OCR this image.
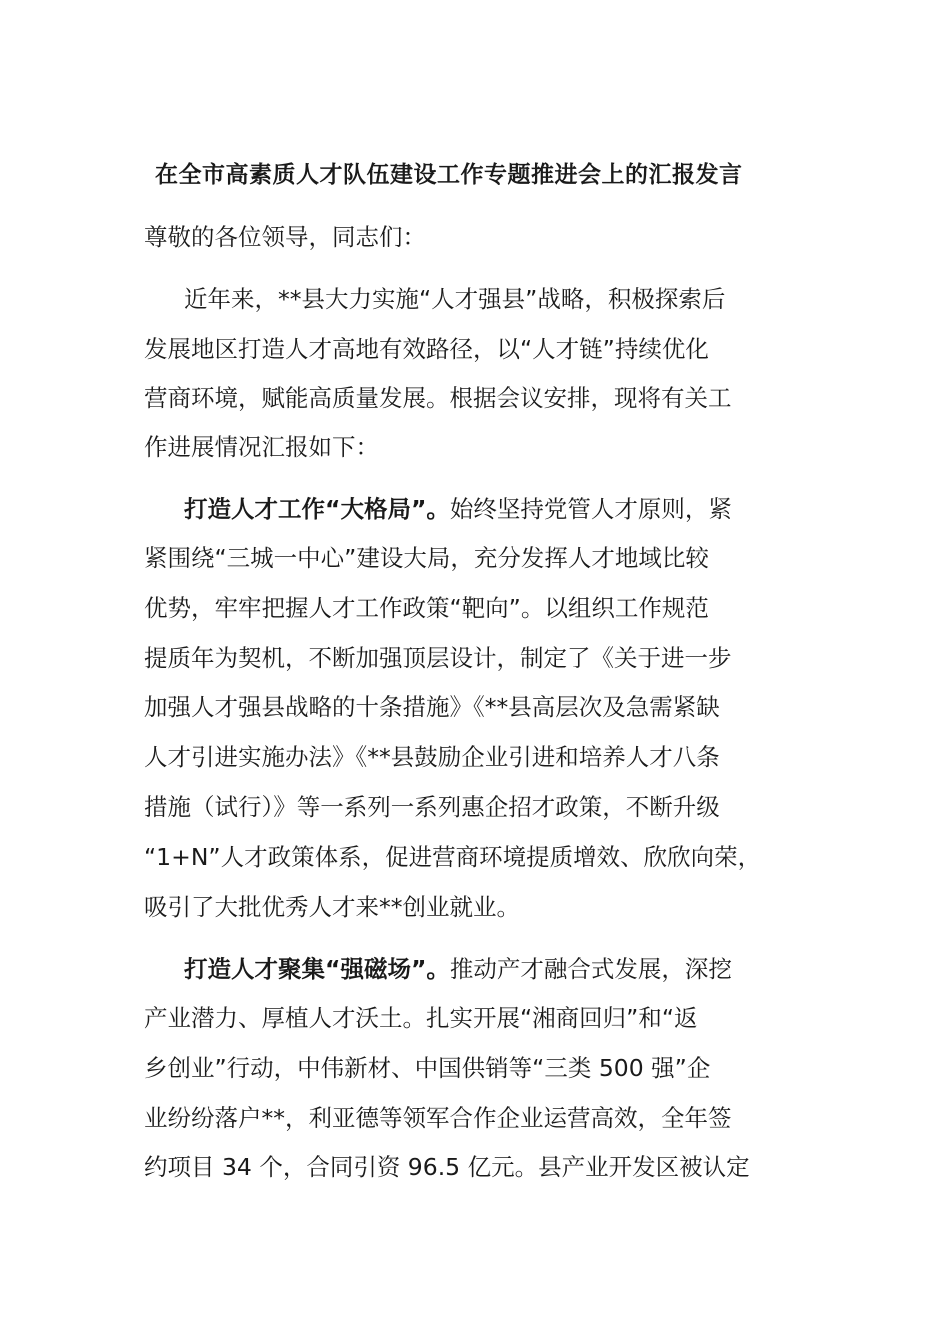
在全市高素质人才队伍建设工作专题推进会上的汇报发言
尊敬的各位领导，同志们：
近年来，**县大力实施“人才强县”战略，积极探索后
发展地区打造人才高地有效路径，以“人才链”持续优化
营商环境，赋能高质量发展。根据会议安排，现将有关工
作进展情况汇报如下：
打造人才工作“大格局”。始终坚持党管人才原则，紧
紧围绕“三城一中心”建设大局，充分发挥人才地域比较
优势，牢牢把握人才工作政策“靶向”。以组织工作规范
提质年为契机，不断加强顶层设计，制定了《关于进一步
加强人才强县战略的十条措施》《**县高层次及急需紧缺
人才引进实施办法》《**县鼓励企业引进和培养人才八条
措施（试行）》等一系列一系列惠企招才政策，不断升级
“1+N”人才政策体系，促进营商环境提质增效、欣欣向荣，
吸引了大批优秀人才来**创业就业。
打造人才聚集“强磁场”。推动产才融合式发展，深挖
产业潜力、厚植人才沃土。扎实开展“湘商回归”和“返
乡创业”行动，中伟新材、中国供销等“三类 500 强”企
业纷纷落户**，利亚德等领军合作企业运营高效，全年签
约项目 34 个，合同引资 96.5 亿元。县产业开发区被认定
